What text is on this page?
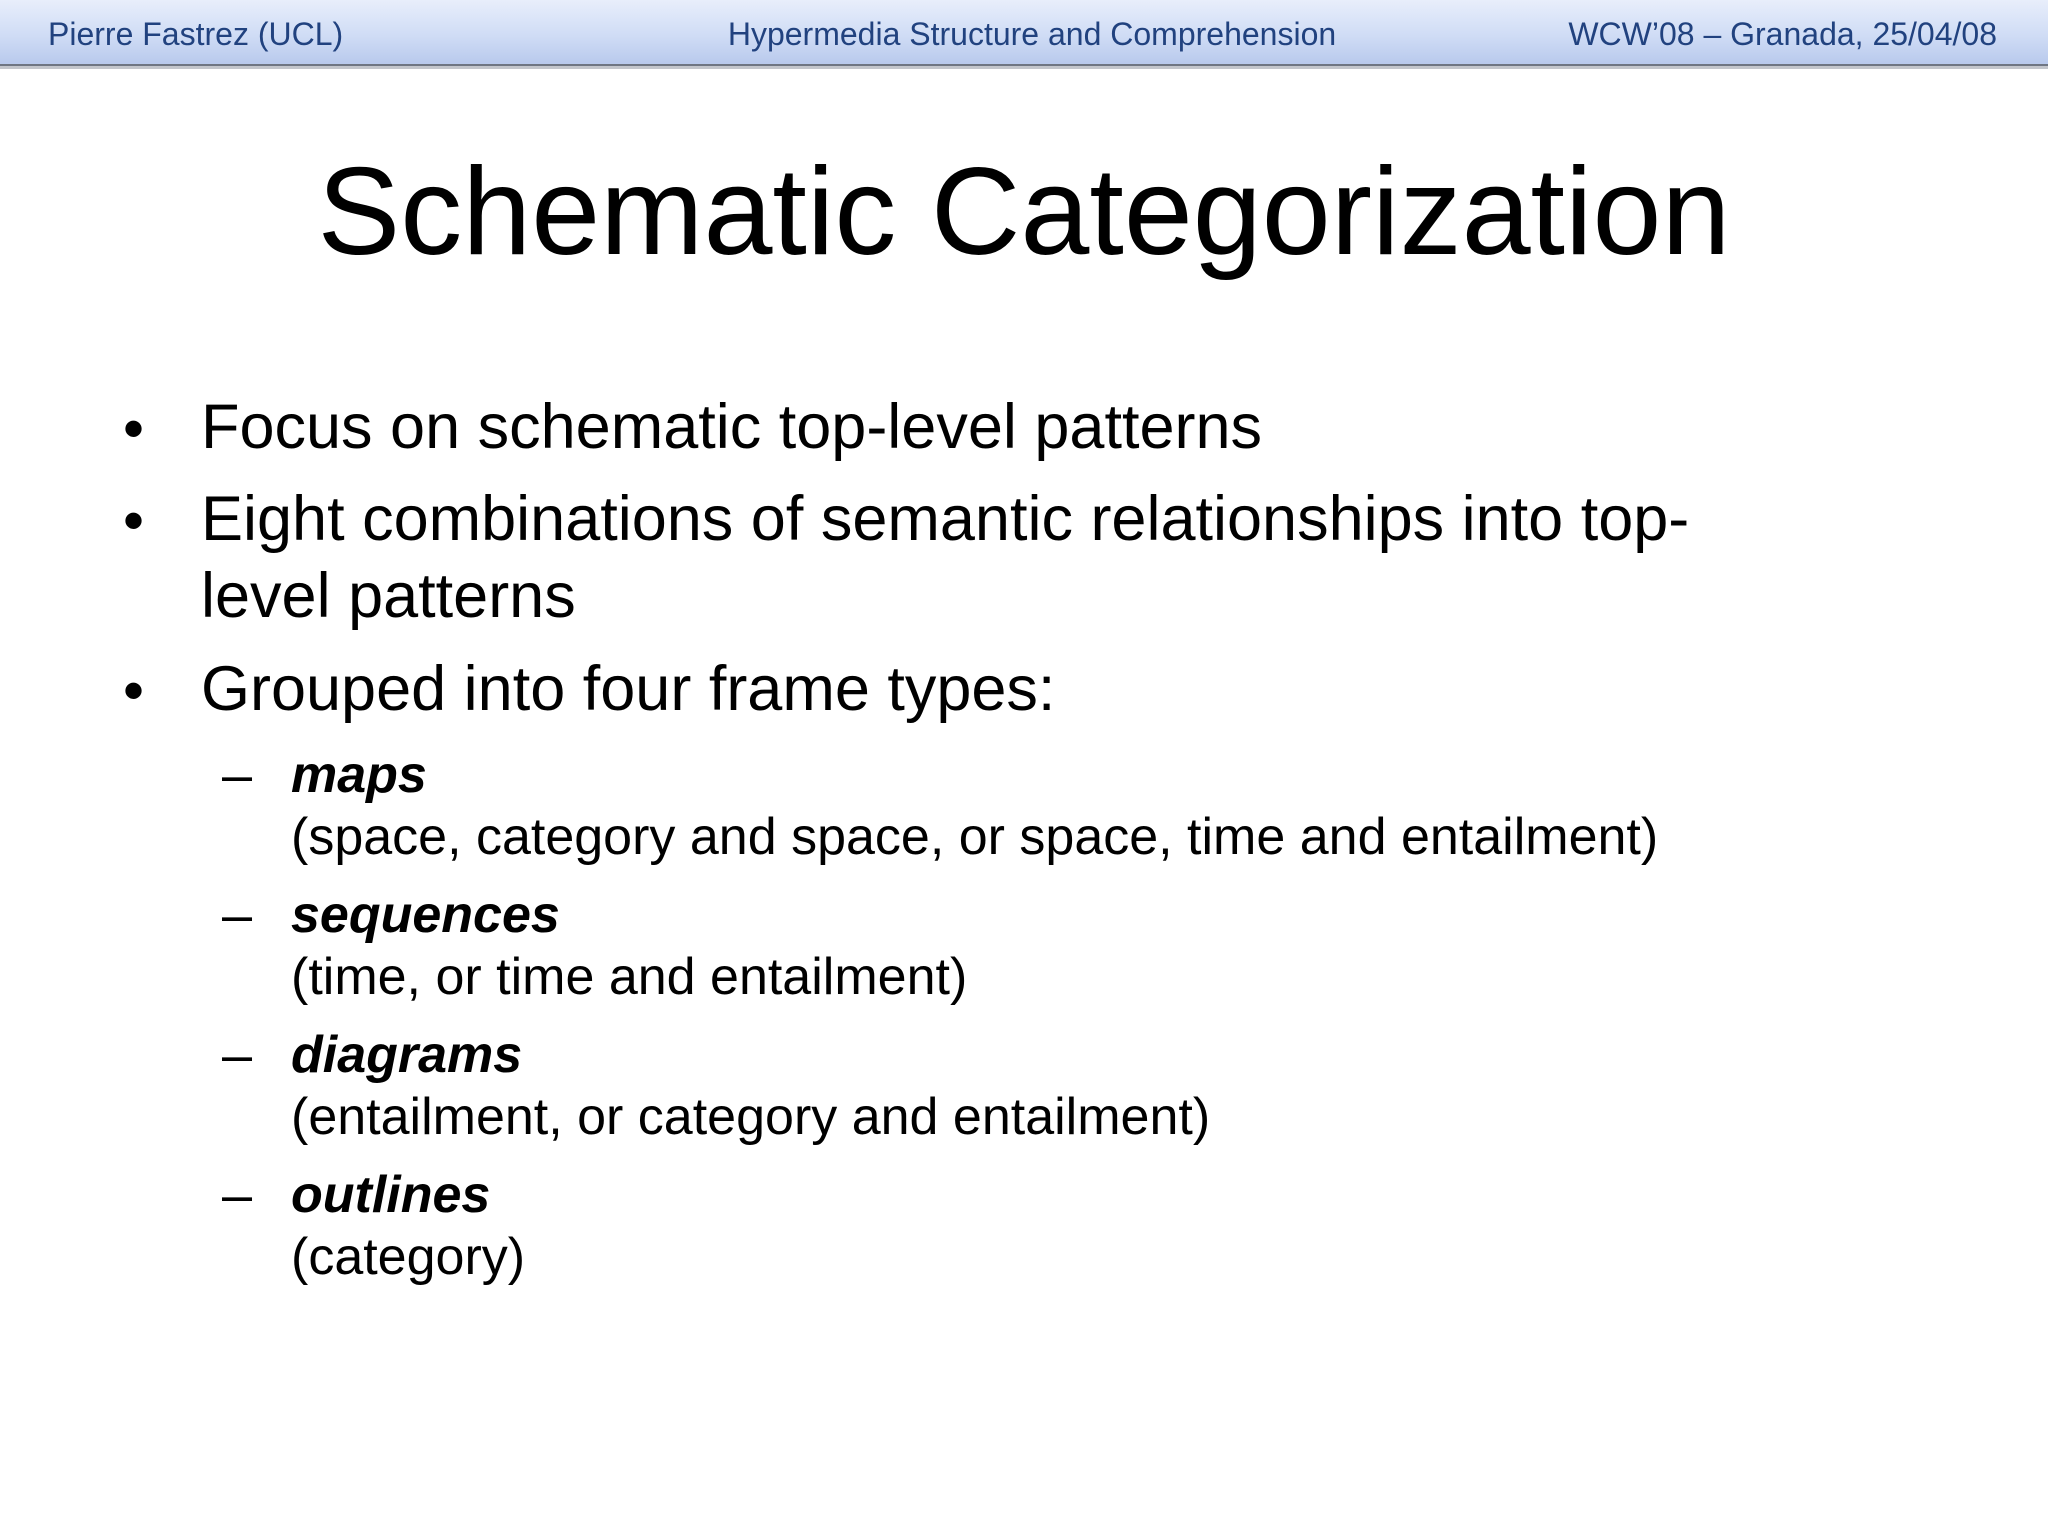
Pierre Fastrez (UCL)	Hypermedia Structure and Comprehension	WCW’08 – Granada, 25/04/08
Schematic Categorization
• Focus on schematic top-level patterns
• Eight combinations of semantic relationships into top-
level patterns
• Grouped into four frame types:
– maps
(space, category and space, or space, time and entailment)
– sequences
(time, or time and entailment)
– diagrams
(entailment, or category and entailment)
– outlines
(category)
